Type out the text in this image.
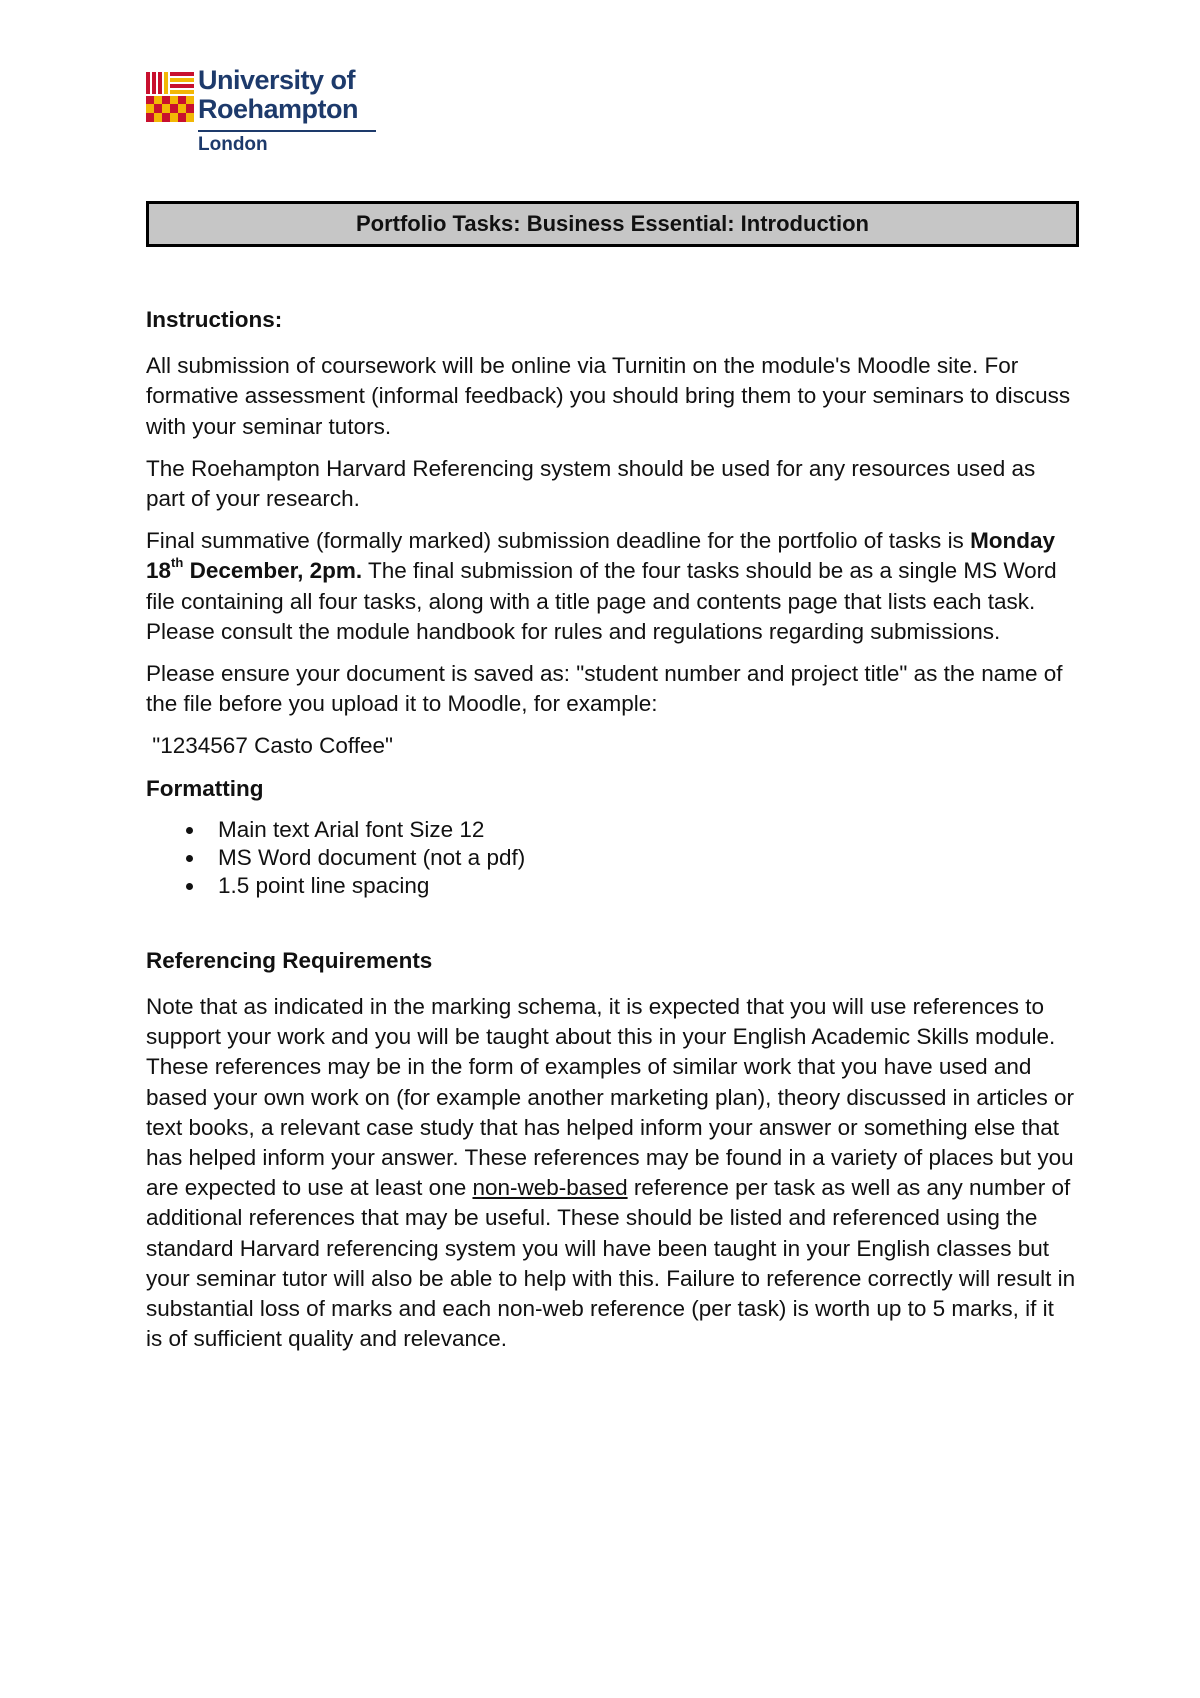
University of
Roehampton
London
Portfolio Tasks: Business Essential: Introduction

Instructions:

All submission of coursework will be online via Turnitin on the module's Moodle site. For formative assessment (informal feedback) you should bring them to your seminars to discuss with your seminar tutors.

The Roehampton Harvard Referencing system should be used for any resources used as part of your research.

Final summative (formally marked) submission deadline for the portfolio of tasks is Monday 18th December, 2pm. The final submission of the four tasks should be as a single MS Word file containing all four tasks, along with a title page and contents page that lists each task. Please consult the module handbook for rules and regulations regarding submissions.

Please ensure your document is saved as: "student number and project title" as the name of the file before you upload it to Moodle, for example:

"1234567 Casto Coffee"

Formatting

Main text Arial font Size 12
MS Word document (not a pdf)
1.5 point line spacing

Referencing Requirements

Note that as indicated in the marking schema, it is expected that you will use references to support your work and you will be taught about this in your English Academic Skills module. These references may be in the form of examples of similar work that you have used and based your own work on (for example another marketing plan), theory discussed in articles or text books, a relevant case study that has helped inform your answer or something else that has helped inform your answer. These references may be found in a variety of places but you are expected to use at least one non-web-based reference per task as well as any number of additional references that may be useful. These should be listed and referenced using the standard Harvard referencing system you will have been taught in your English classes but your seminar tutor will also be able to help with this. Failure to reference correctly will result in substantial loss of marks and each non-web reference (per task) is worth up to 5 marks, if it is of sufficient quality and relevance.
